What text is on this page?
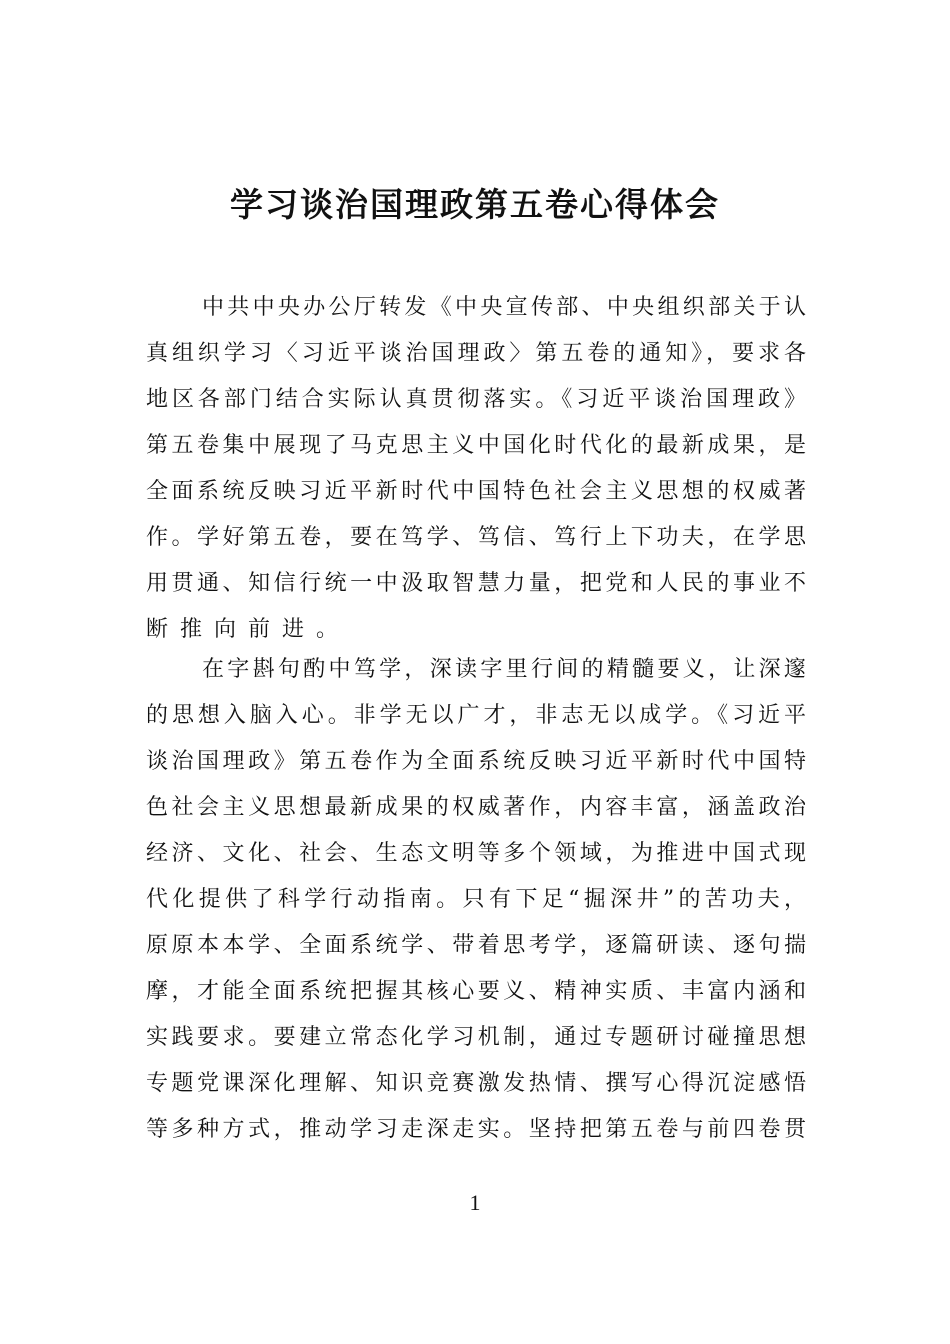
学习谈治国理政第五卷心得体会
中共中央办公厅转发《中央宣传部、中央组织部关于认
真组织学习〈习近平谈治国理政〉第五卷的通知》，要求各
地区各部门结合实际认真贯彻落实。《习近平谈治国理政》
第五卷集中展现了马克思主义中国化时代化的最新成果，是
全面系统反映习近平新时代中国特色社会主义思想的权威著
作。学好第五卷，要在笃学、笃信、笃行上下功夫，在学思
用贯通、知信行统一中汲取智慧力量，把党和人民的事业不
断推向前进。
在字斟句酌中笃学，深读字里行间的精髓要义，让深邃
的思想入脑入心。非学无以广才，非志无以成学。《习近平
谈治国理政》第五卷作为全面系统反映习近平新时代中国特
色社会主义思想最新成果的权威著作，内容丰富，涵盖政治
经济、文化、社会、生态文明等多个领域，为推进中国式现
代化提供了科学行动指南。只有下足“掘深井”的苦功夫，
原原本本学、全面系统学、带着思考学，逐篇研读、逐句揣
摩，才能全面系统把握其核心要义、精神实质、丰富内涵和
实践要求。要建立常态化学习机制，通过专题研讨碰撞思想
专题党课深化理解、知识竞赛激发热情、撰写心得沉淀感悟
等多种方式，推动学习走深走实。坚持把第五卷与前四卷贯
1
